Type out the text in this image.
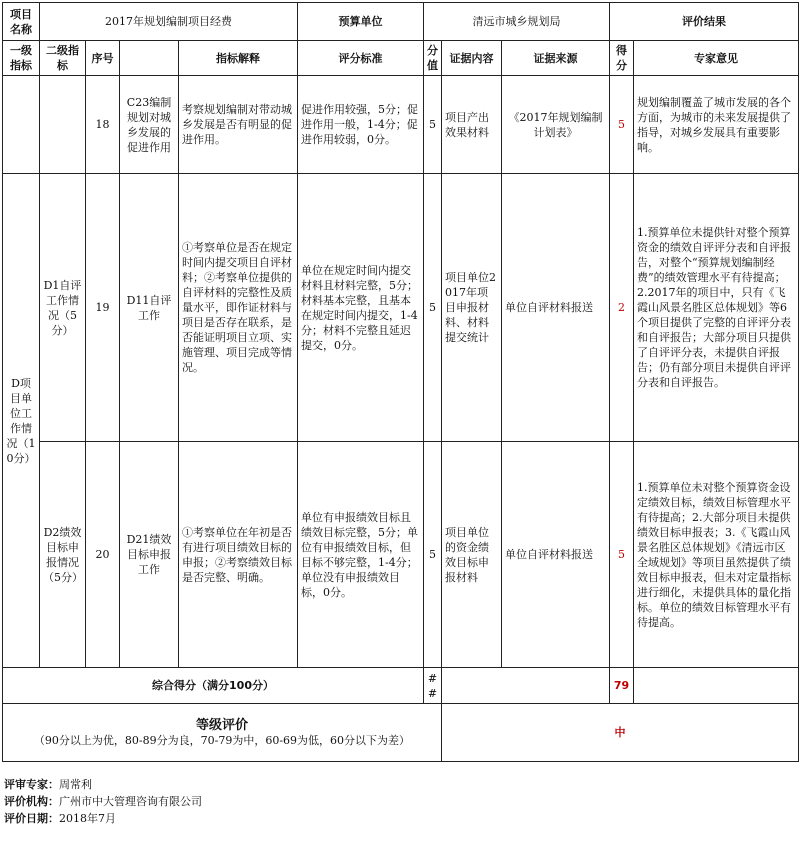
项目名称	2017年规划编制项目经费				预算单位	清远市城乡规划局			评价结果	
一级指标	二级指标	序号		指标解释	评分标准	分值	证据内容	证据来源	得分	专家意见
		18	C23编制规划对城乡发展的促进作用	考察规划编制对带动城乡发展是否有明显的促进作用。	促进作用较强，5分；促进作用一般，1-4分；促进作用较弱，0分。	5	项目产出效果材料	《2017年规划编制计划表》	5	规划编制覆盖了城市发展的各个方面，为城市的未来发展提供了指导，对城乡发展具有重要影响。
D项目单位工作情况（10分）	D1自评工作情况（5分）	19	D11自评工作	①考察单位是否在规定时间内提交项目自评材料；②考察单位提供的自评材料的完整性及质量水平，即作证材料与项目是否存在联系，是否能证明项目立项、实施管理、项目完成等情况。	单位在规定时间内提交材料且材料完整，5分；材料基本完整，且基本在规定时间内提交，1-4分；材料不完整且延迟提交，0分。	5	项目单位2017年项目申报材料、材料提交统计	单位自评材料报送	2	1.预算单位未提供针对整个预算资金的绩效自评评分表和自评报告，对整个“预算规划编制经费”的绩效管理水平有待提高；2.2017年的项目中，只有《飞霞山风景名胜区总体规划》等6个项目提供了完整的自评评分表和自评报告；大部分项目只提供了自评评分表，未提供自评报告；仍有部分项目未提供自评评分表和自评报告。
	D2绩效目标申报情况（5分）	20	D21绩效目标申报工作	①考察单位在年初是否有进行项目绩效目标的申报；②考察绩效目标是否完整、明确。	单位有申报绩效目标且绩效目标完整，5分；单位有申报绩效目标，但目标不够完整，1-4分；单位没有申报绩效目标，0分。	5	项目单位的资金绩效目标申报材料	单位自评材料报送	5	1.预算单位未对整个预算资金设定绩效目标，绩效目标管理水平有待提高；2.大部分项目未提供绩效目标申报表；3.《飞霞山风景名胜区总体规划》《清远市区全域规划》等项目虽然提供了绩效目标申报表，但未对定量指标进行细化，未提供具体的量化指标。单位的绩效目标管理水平有待提高。
综合得分（满分100分）						##			79	

等级评价
（90分以上为优，80-89分为良，70-79为中，60-69为低，60分以下为差）							中			
评审专家：周常利
评价机构：广州市中大管理咨询有限公司
评价日期：2018年7月
